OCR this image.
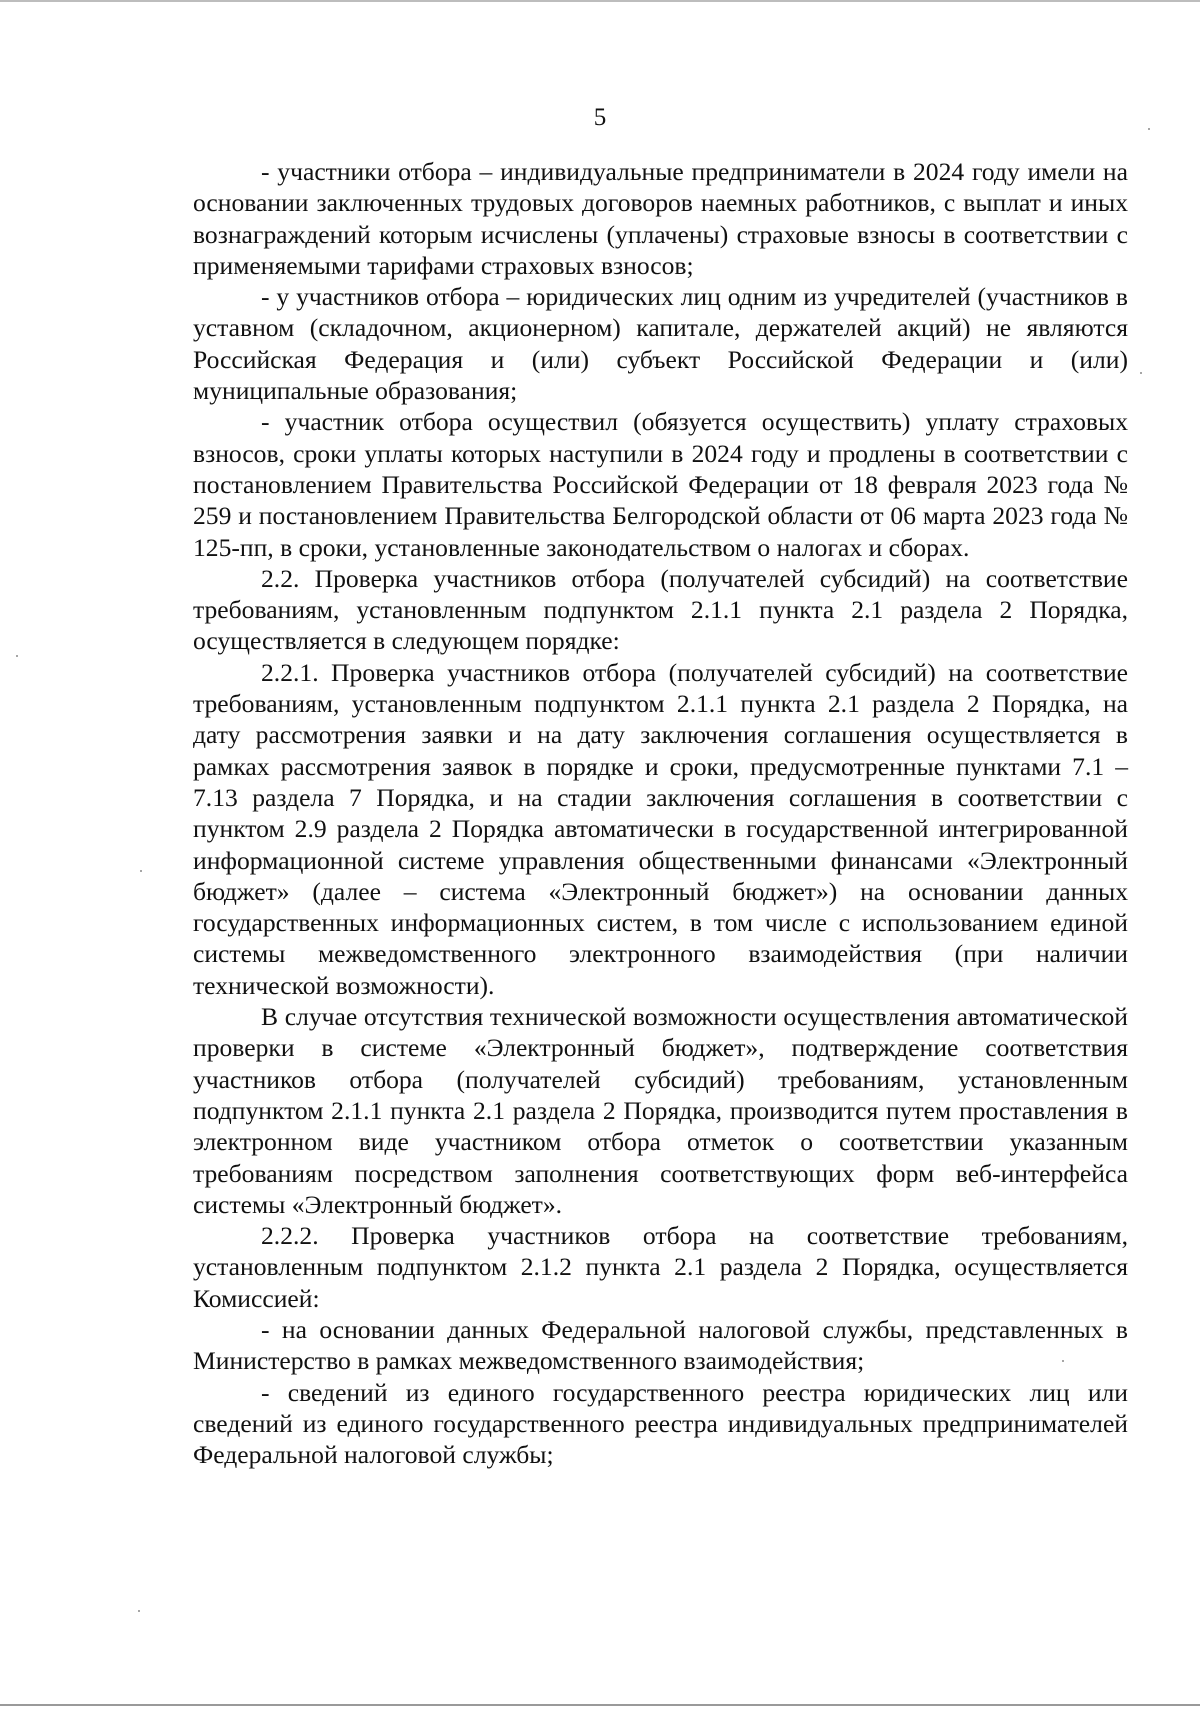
5

- участники отбора – индивидуальные предприниматели в 2024 году имели на основании заключенных трудовых договоров наемных работников, с выплат и иных вознаграждений которым исчислены (уплачены) страховые взносы в соответствии с применяемыми тарифами страховых взносов;

- у участников отбора – юридических лиц одним из учредителей (участников в уставном (складочном, акционерном) капитале, держателей акций) не являются Российская Федерация и (или) субъект Российской Федерации и (или) муниципальные образования;

- участник отбора осуществил (обязуется осуществить) уплату страховых взносов, сроки уплаты которых наступили в 2024 году и продлены в соответствии с постановлением Правительства Российской Федерации от 18 февраля 2023 года № 259 и постановлением Правительства Белгородской области от 06 марта 2023 года № 125-пп, в сроки, установленные законодательством о налогах и сборах.

2.2. Проверка участников отбора (получателей субсидий) на соответствие требованиям, установленным подпунктом 2.1.1 пункта 2.1 раздела 2 Порядка, осуществляется в следующем порядке:

2.2.1. Проверка участников отбора (получателей субсидий) на соответствие требованиям, установленным подпунктом 2.1.1 пункта 2.1 раздела 2 Порядка, на дату рассмотрения заявки и на дату заключения соглашения осуществляется в рамках рассмотрения заявок в порядке и сроки, предусмотренные пунктами 7.1 – 7.13 раздела 7 Порядка, и на стадии заключения соглашения в соответствии с пунктом 2.9 раздела 2 Порядка автоматически в государственной интегрированной информационной системе управления общественными финансами «Электронный бюджет» (далее – система «Электронный бюджет») на основании данных государственных информационных систем, в том числе с использованием единой системы межведомственного электронного взаимодействия (при наличии технической возможности).

В случае отсутствия технической возможности осуществления автоматической проверки в системе «Электронный бюджет», подтверждение соответствия участников отбора (получателей субсидий) требованиям, установленным подпунктом 2.1.1 пункта 2.1 раздела 2 Порядка, производится путем проставления в электронном виде участником отбора отметок о соответствии указанным требованиям посредством заполнения соответствующих форм веб-интерфейса системы «Электронный бюджет».

2.2.2. Проверка участников отбора на соответствие требованиям, установленным подпунктом 2.1.2 пункта 2.1 раздела 2 Порядка, осуществляется Комиссией:

- на основании данных Федеральной налоговой службы, представленных в Министерство в рамках межведомственного взаимодействия;

- сведений из единого государственного реестра юридических лиц или сведений из единого государственного реестра индивидуальных предпринимателей Федеральной налоговой службы;
